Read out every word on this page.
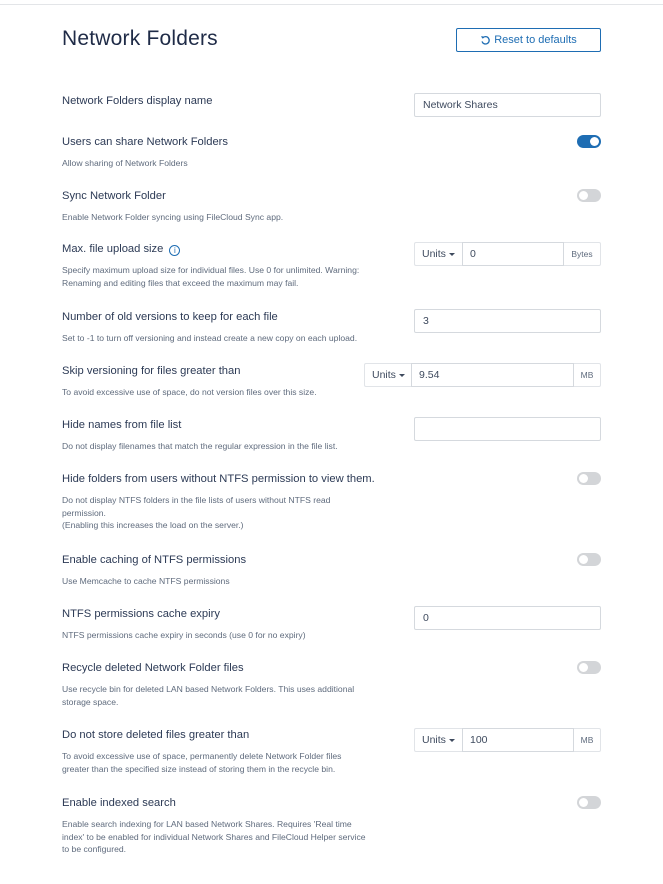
Network Folders	Reset to defaults
Network Folders display name
Network Shares
Users can share Network Folders
Allow sharing of Network Folders
Sync Network Folder
Enable Network Folder syncing using FileCloud Sync app.
Max. file upload size i
Specify maximum upload size for individual files. Use 0 for unlimited. Warning:
Renaming and editing files that exceed the maximum may fail.
Units
0	Bytes
Number of old versions to keep for each file
Set to -1 to turn off versioning and instead create a new copy on each upload.
3
Skip versioning for files greater than
To avoid excessive use of space, do not version files over this size.
Units
9.54	MB
Hide names from file list
Do not display filenames that match the regular expression in the file list.
Hide folders from users without NTFS permission to view them.
Do not display NTFS folders in the file lists of users without NTFS read
permission.
(Enabling this increases the load on the server.)
Enable caching of NTFS permissions
Use Memcache to cache NTFS permissions
NTFS permissions cache expiry
NTFS permissions cache expiry in seconds (use 0 for no expiry)
0
Recycle deleted Network Folder files
Use recycle bin for deleted LAN based Network Folders. This uses additional
storage space.
Do not store deleted files greater than
To avoid excessive use of space, permanently delete Network Folder files
greater than the specified size instead of storing them in the recycle bin.
Units
100	MB
Enable indexed search
Enable search indexing for LAN based Network Shares. Requires 'Real time
index' to be enabled for individual Network Shares and FileCloud Helper service
to be configured.
